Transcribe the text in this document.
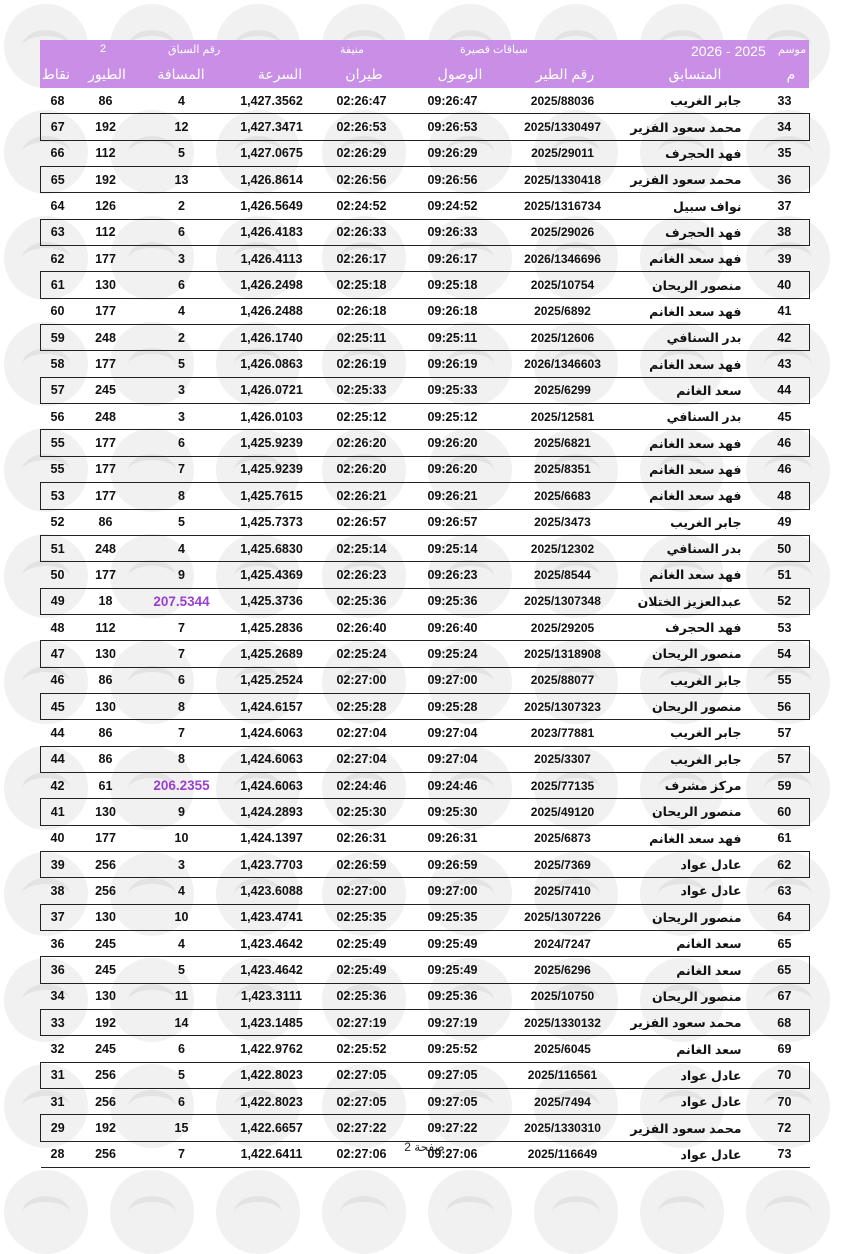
2	رقم السباق	منيفة	سباقات قصيرة	2026 - 2025 موسم
نقاط	الطيور	المسافة	السرعة	طيران	الوصول	رقم الطير	المتسابق	م
68	86	4	1,427.3562	02:26:47	09:26:47	2025/88036	جابر الغريب	33
67	192	12	1,427.3471	02:26:53	09:26:53	2025/1330497	محمد سعود الفزير	34
66	112	5	1,427.0675	02:26:29	09:26:29	2025/29011	فهد الحجرف	35
65	192	13	1,426.8614	02:26:56	09:26:56	2025/1330418	محمد سعود الفزير	36
64	126	2	1,426.5649	02:24:52	09:24:52	2025/1316734	نواف سبيل	37
63	112	6	1,426.4183	02:26:33	09:26:33	2025/29026	فهد الحجرف	38
62	177	3	1,426.4113	02:26:17	09:26:17	2026/1346696	فهد سعد الغانم	39
61	130	6	1,426.2498	02:25:18	09:25:18	2025/10754	منصور الريحان	40
60	177	4	1,426.2488	02:26:18	09:26:18	2025/6892	فهد سعد الغانم	41
59	248	2	1,426.1740	02:25:11	09:25:11	2025/12606	بدر السنافي	42
58	177	5	1,426.0863	02:26:19	09:26:19	2026/1346603	فهد سعد الغانم	43
57	245	3	1,426.0721	02:25:33	09:25:33	2025/6299	سعد الغانم	44
56	248	3	1,426.0103	02:25:12	09:25:12	2025/12581	بدر السنافي	45
55	177	6	1,425.9239	02:26:20	09:26:20	2025/6821	فهد سعد الغانم	46
55	177	7	1,425.9239	02:26:20	09:26:20	2025/8351	فهد سعد الغانم	46
53	177	8	1,425.7615	02:26:21	09:26:21	2025/6683	فهد سعد الغانم	48
52	86	5	1,425.7373	02:26:57	09:26:57	2025/3473	جابر الغريب	49
51	248	4	1,425.6830	02:25:14	09:25:14	2025/12302	بدر السنافي	50
50	177	9	1,425.4369	02:26:23	09:26:23	2025/8544	فهد سعد الغانم	51
49	18	207.5344	1,425.3736	02:25:36	09:25:36	2025/1307348	عبدالعزيز الختلان	52
48	112	7	1,425.2836	02:26:40	09:26:40	2025/29205	فهد الحجرف	53
47	130	7	1,425.2689	02:25:24	09:25:24	2025/1318908	منصور الريحان	54
46	86	6	1,425.2524	02:27:00	09:27:00	2025/88077	جابر الغريب	55
45	130	8	1,424.6157	02:25:28	09:25:28	2025/1307323	منصور الريحان	56
44	86	7	1,424.6063	02:27:04	09:27:04	2023/77881	جابر الغريب	57
44	86	8	1,424.6063	02:27:04	09:27:04	2025/3307	جابر الغريب	57
42	61	206.2355	1,424.6063	02:24:46	09:24:46	2025/77135	مركز مشرف	59
41	130	9	1,424.2893	02:25:30	09:25:30	2025/49120	منصور الريحان	60
40	177	10	1,424.1397	02:26:31	09:26:31	2025/6873	فهد سعد الغانم	61
39	256	3	1,423.7703	02:26:59	09:26:59	2025/7369	عادل عواد	62
38	256	4	1,423.6088	02:27:00	09:27:00	2025/7410	عادل عواد	63
37	130	10	1,423.4741	02:25:35	09:25:35	2025/1307226	منصور الريحان	64
36	245	4	1,423.4642	02:25:49	09:25:49	2024/7247	سعد الغانم	65
36	245	5	1,423.4642	02:25:49	09:25:49	2025/6296	سعد الغانم	65
34	130	11	1,423.3111	02:25:36	09:25:36	2025/10750	منصور الريحان	67
33	192	14	1,423.1485	02:27:19	09:27:19	2025/1330132	محمد سعود الفزير	68
32	245	6	1,422.9762	02:25:52	09:25:52	2025/6045	سعد الغانم	69
31	256	5	1,422.8023	02:27:05	09:27:05	2025/116561	عادل عواد	70
31	256	6	1,422.8023	02:27:05	09:27:05	2025/7494	عادل عواد	70
29	192	15	1,422.6657	02:27:22	09:27:22	2025/1330310	محمد سعود الفزير	72
28	256	7	1,422.6411	02:27:06	09:27:06	2025/116649	عادل عواد	73
صفحة 2
